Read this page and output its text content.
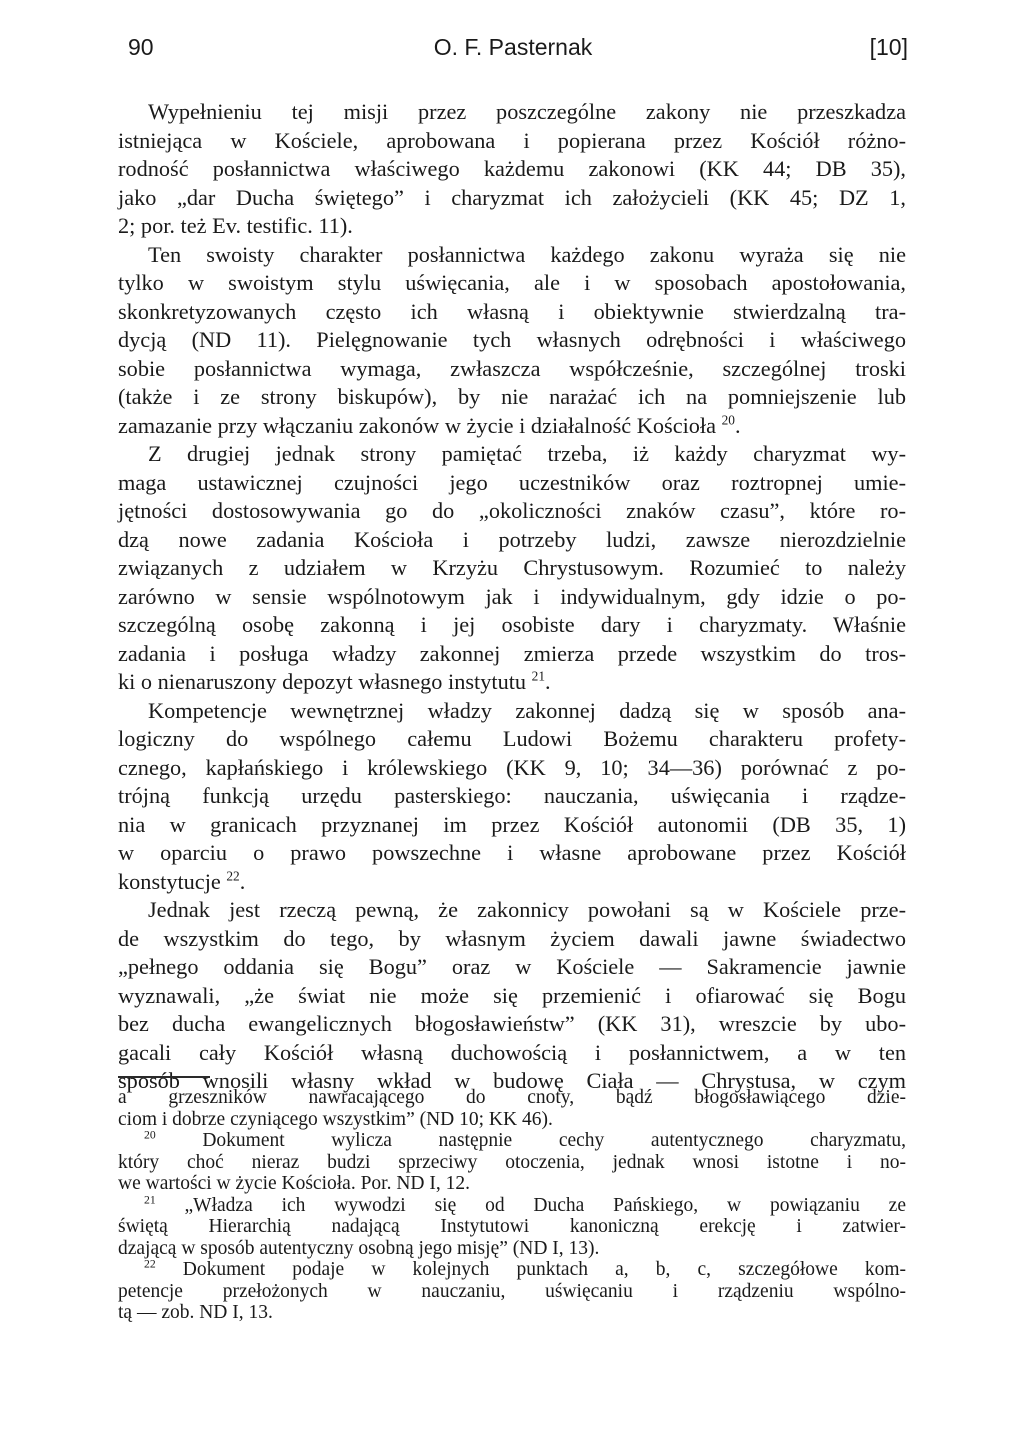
90	O. F. Pasternak	[10]
Wypełnieniu tej misji przez poszczególne zakony nie przeszkadza
istniejąca w Kościele, aprobowana i popierana przez Kościół różno-
rodność posłannictwa właściwego każdemu zakonowi (KK 44; DB 35),
jako „dar Ducha świętego” i charyzmat ich założycieli (KK 45; DZ 1,
2; por. też Ev. testific. 11).
Ten swoisty charakter posłannictwa każdego zakonu wyraża się nie
tylko w swoistym stylu uświęcania, ale i w sposobach apostołowania,
skonkretyzowanych często ich własną i obiektywnie stwierdzalną tra-
dycją (ND 11). Pielęgnowanie tych własnych odrębności i właściwego
sobie posłannictwa wymaga, zwłaszcza współcześnie, szczególnej troski
(także i ze strony biskupów), by nie narażać ich na pomniejszenie lub
zamazanie przy włączaniu zakonów w życie i działalność Kościoła $^{20}$.
Z drugiej jednak strony pamiętać trzeba, iż każdy charyzmat wy-
maga ustawicznej czujności jego uczestników oraz roztropnej umie-
jętności dostosowywania go do „okoliczności znaków czasu”, które ro-
dzą nowe zadania Kościoła i potrzeby ludzi, zawsze nierozdzielnie
związanych z udziałem w Krzyżu Chrystusowym. Rozumieć to należy
zarówno w sensie wspólnotowym jak i indywidualnym, gdy idzie o po-
szczególną osobę zakonną i jej osobiste dary i charyzmaty. Właśnie
zadania i posługa władzy zakonnej zmierza przede wszystkim do tros-
ki o nienaruszony depozyt własnego instytutu $^{21}$.
Kompetencje wewnętrznej władzy zakonnej dadzą się w sposób ana-
logiczny do wspólnego całemu Ludowi Bożemu charakteru profety-
cznego, kapłańskiego i królewskiego (KK 9, 10; 34—36) porównać z po-
trójną funkcją urzędu pasterskiego: nauczania, uświęcania i rządze-
nia w granicach przyznanej im przez Kościół autonomii (DB 35, 1)
w oparciu o prawo powszechne i własne aprobowane przez Kościół
konstytucje $^{22}$.
Jednak jest rzeczą pewną, że zakonnicy powołani są w Kościele prze-
de wszystkim do tego, by własnym życiem dawali jawne świadectwo
„pełnego oddania się Bogu” oraz w Kościele — Sakramencie jawnie
wyznawali, „że świat nie może się przemienić i ofiarować się Bogu
bez ducha ewangelicznych błogosławieństw” (KK 31), wreszcie by ubo-
gacali cały Kościół własną duchowością i posłannictwem, a w ten
sposób wnosili własny wkład w budowę Ciała — Chrystusa, w czym
a grzeszników nawracającego do cnoty, bądź błogosławiącego dzie-
ciom i dobrze czyniącego wszystkim” (ND 10; KK 46).
$^{20}$ Dokument wylicza następnie cechy autentycznego charyzmatu,
który choć nieraz budzi sprzeciwy otoczenia, jednak wnosi istotne i no-
we wartości w życie Kościoła. Por. ND I, 12.
$^{21}$ „Władza ich wywodzi się od Ducha Pańskiego, w powiązaniu ze
świętą Hierarchią nadającą Instytutowi kanoniczną erekcję i zatwier-
dzającą w sposób autentyczny osobną jego misję” (ND I, 13).
$^{22}$ Dokument podaje w kolejnych punktach a, b, c, szczegółowe kom-
petencje przełożonych w nauczaniu, uświęcaniu i rządzeniu wspólno-
tą — zob. ND I, 13.
